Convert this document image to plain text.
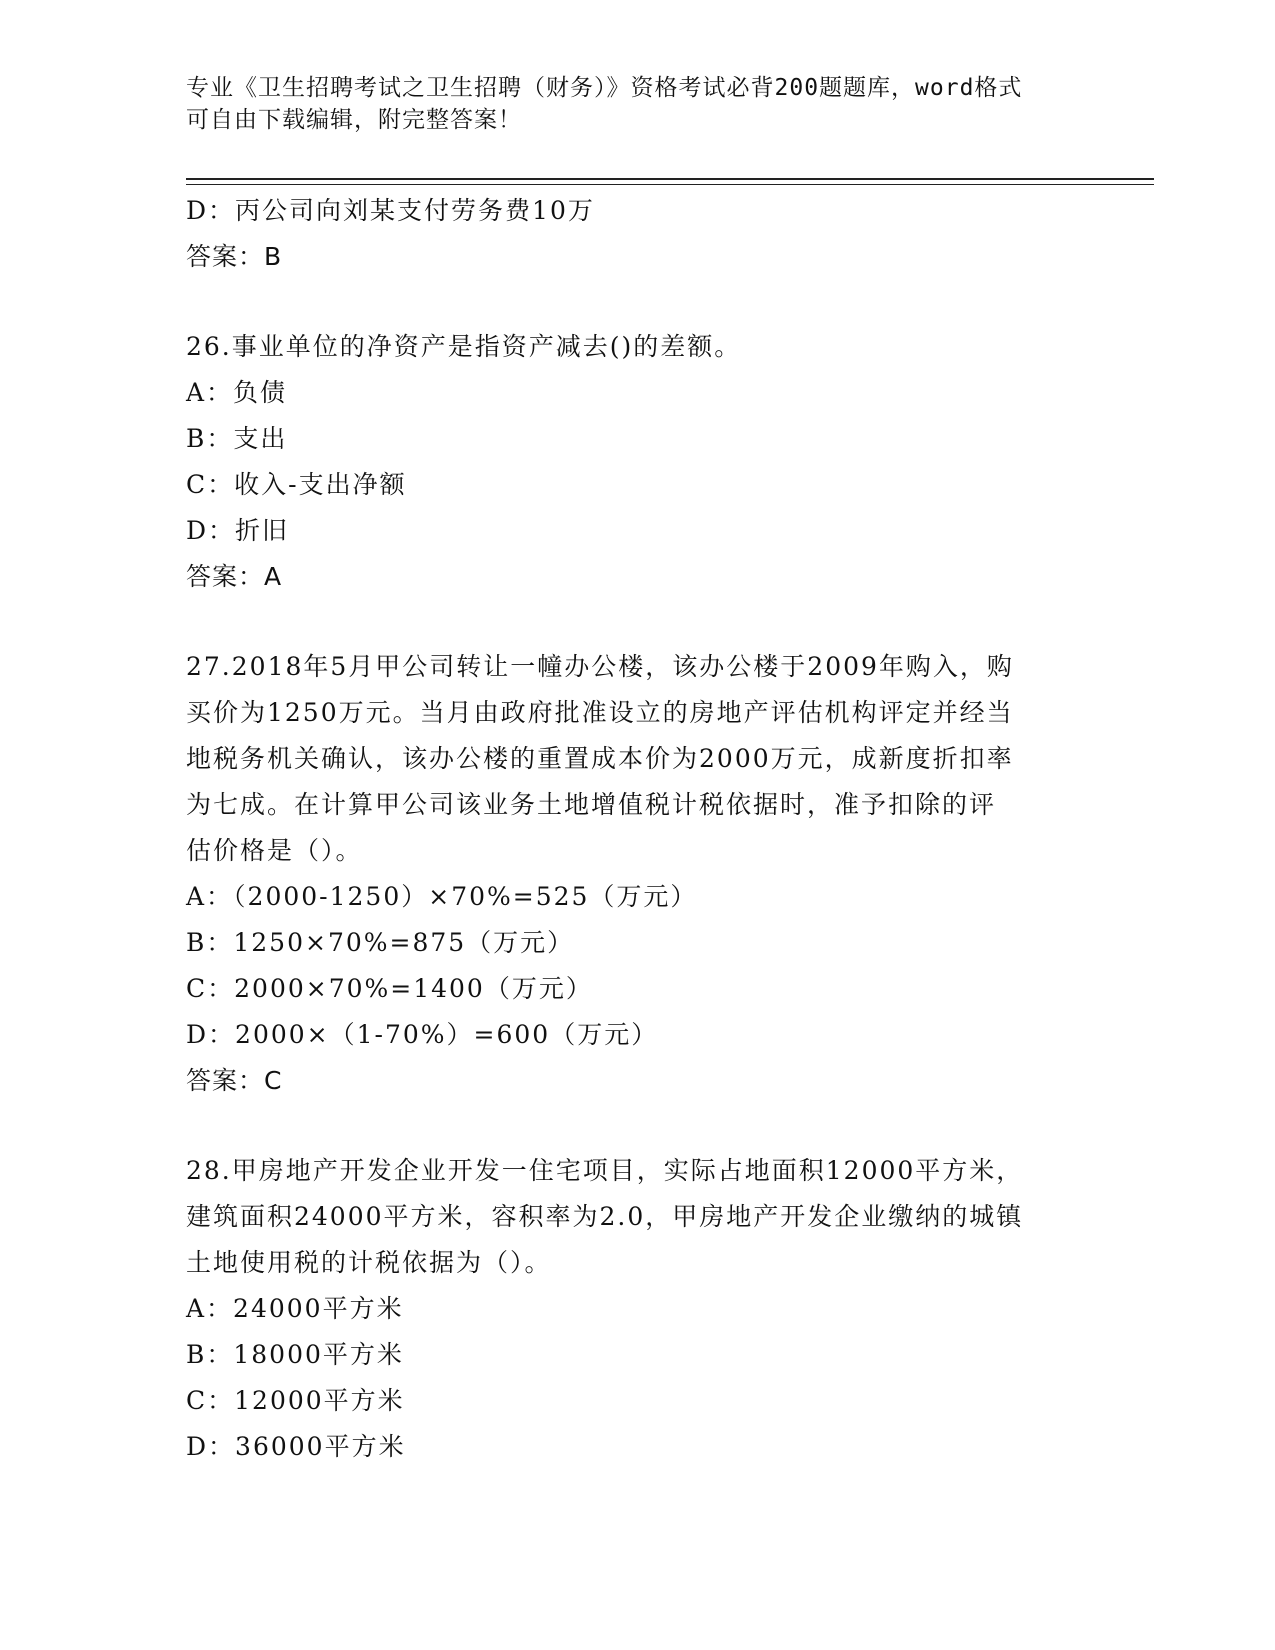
专业《卫生招聘考试之卫生招聘（财务）》资格考试必背200题题库，word格式
可自由下载编辑，附完整答案！
D：丙公司向刘某支付劳务费10万
答案：B
26.事业单位的净资产是指资产减去()的差额。
A：负债
B：支出
C：收入-支出净额
D：折旧
答案：A
27.2018年5月甲公司转让一幢办公楼，该办公楼于2009年购入，购
买价为1250万元。当月由政府批准设立的房地产评估机构评定并经当
地税务机关确认，该办公楼的重置成本价为2000万元，成新度折扣率
为七成。在计算甲公司该业务土地增值税计税依据时，准予扣除的评
估价格是（）。
A：（2000-1250）×70%=525（万元）
B：1250×70%=875（万元）
C：2000×70%=1400（万元）
D：2000×（1-70%）=600（万元）
答案：C
28.甲房地产开发企业开发一住宅项目，实际占地面积12000平方米，
建筑面积24000平方米，容积率为2.0，甲房地产开发企业缴纳的城镇
土地使用税的计税依据为（）。
A：24000平方米
B：18000平方米
C：12000平方米
D：36000平方米
